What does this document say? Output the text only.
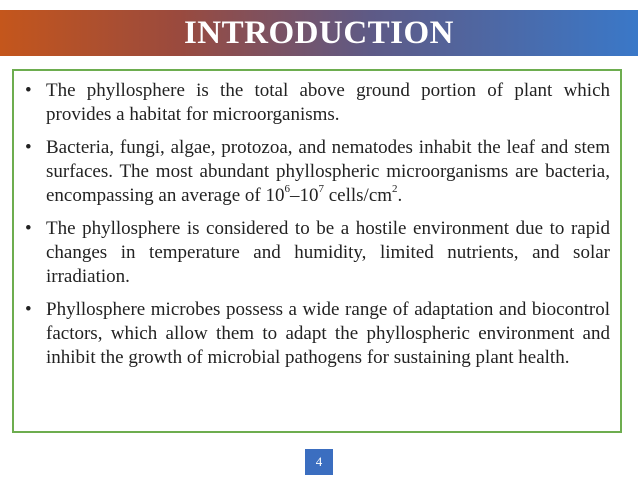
INTRODUCTION
• The phyllosphere is the total above ground portion of plant which provides a habitat for microorganisms.
• Bacteria, fungi, algae, protozoa, and nematodes inhabit the leaf and stem surfaces. The most abundant phyllospheric microorganisms are bacteria, encompassing an average of $10^6-10^7$ cells/$cm^2$.
• The phyllosphere is considered to be a hostile environment due to rapid changes in temperature and humidity, limited nutrients, and solar irradiation.
• Phyllosphere microbes possess a wide range of adaptation and biocontrol factors, which allow them to adapt the phyllospheric environment and inhibit the growth of microbial pathogens for sustaining plant health.
4
